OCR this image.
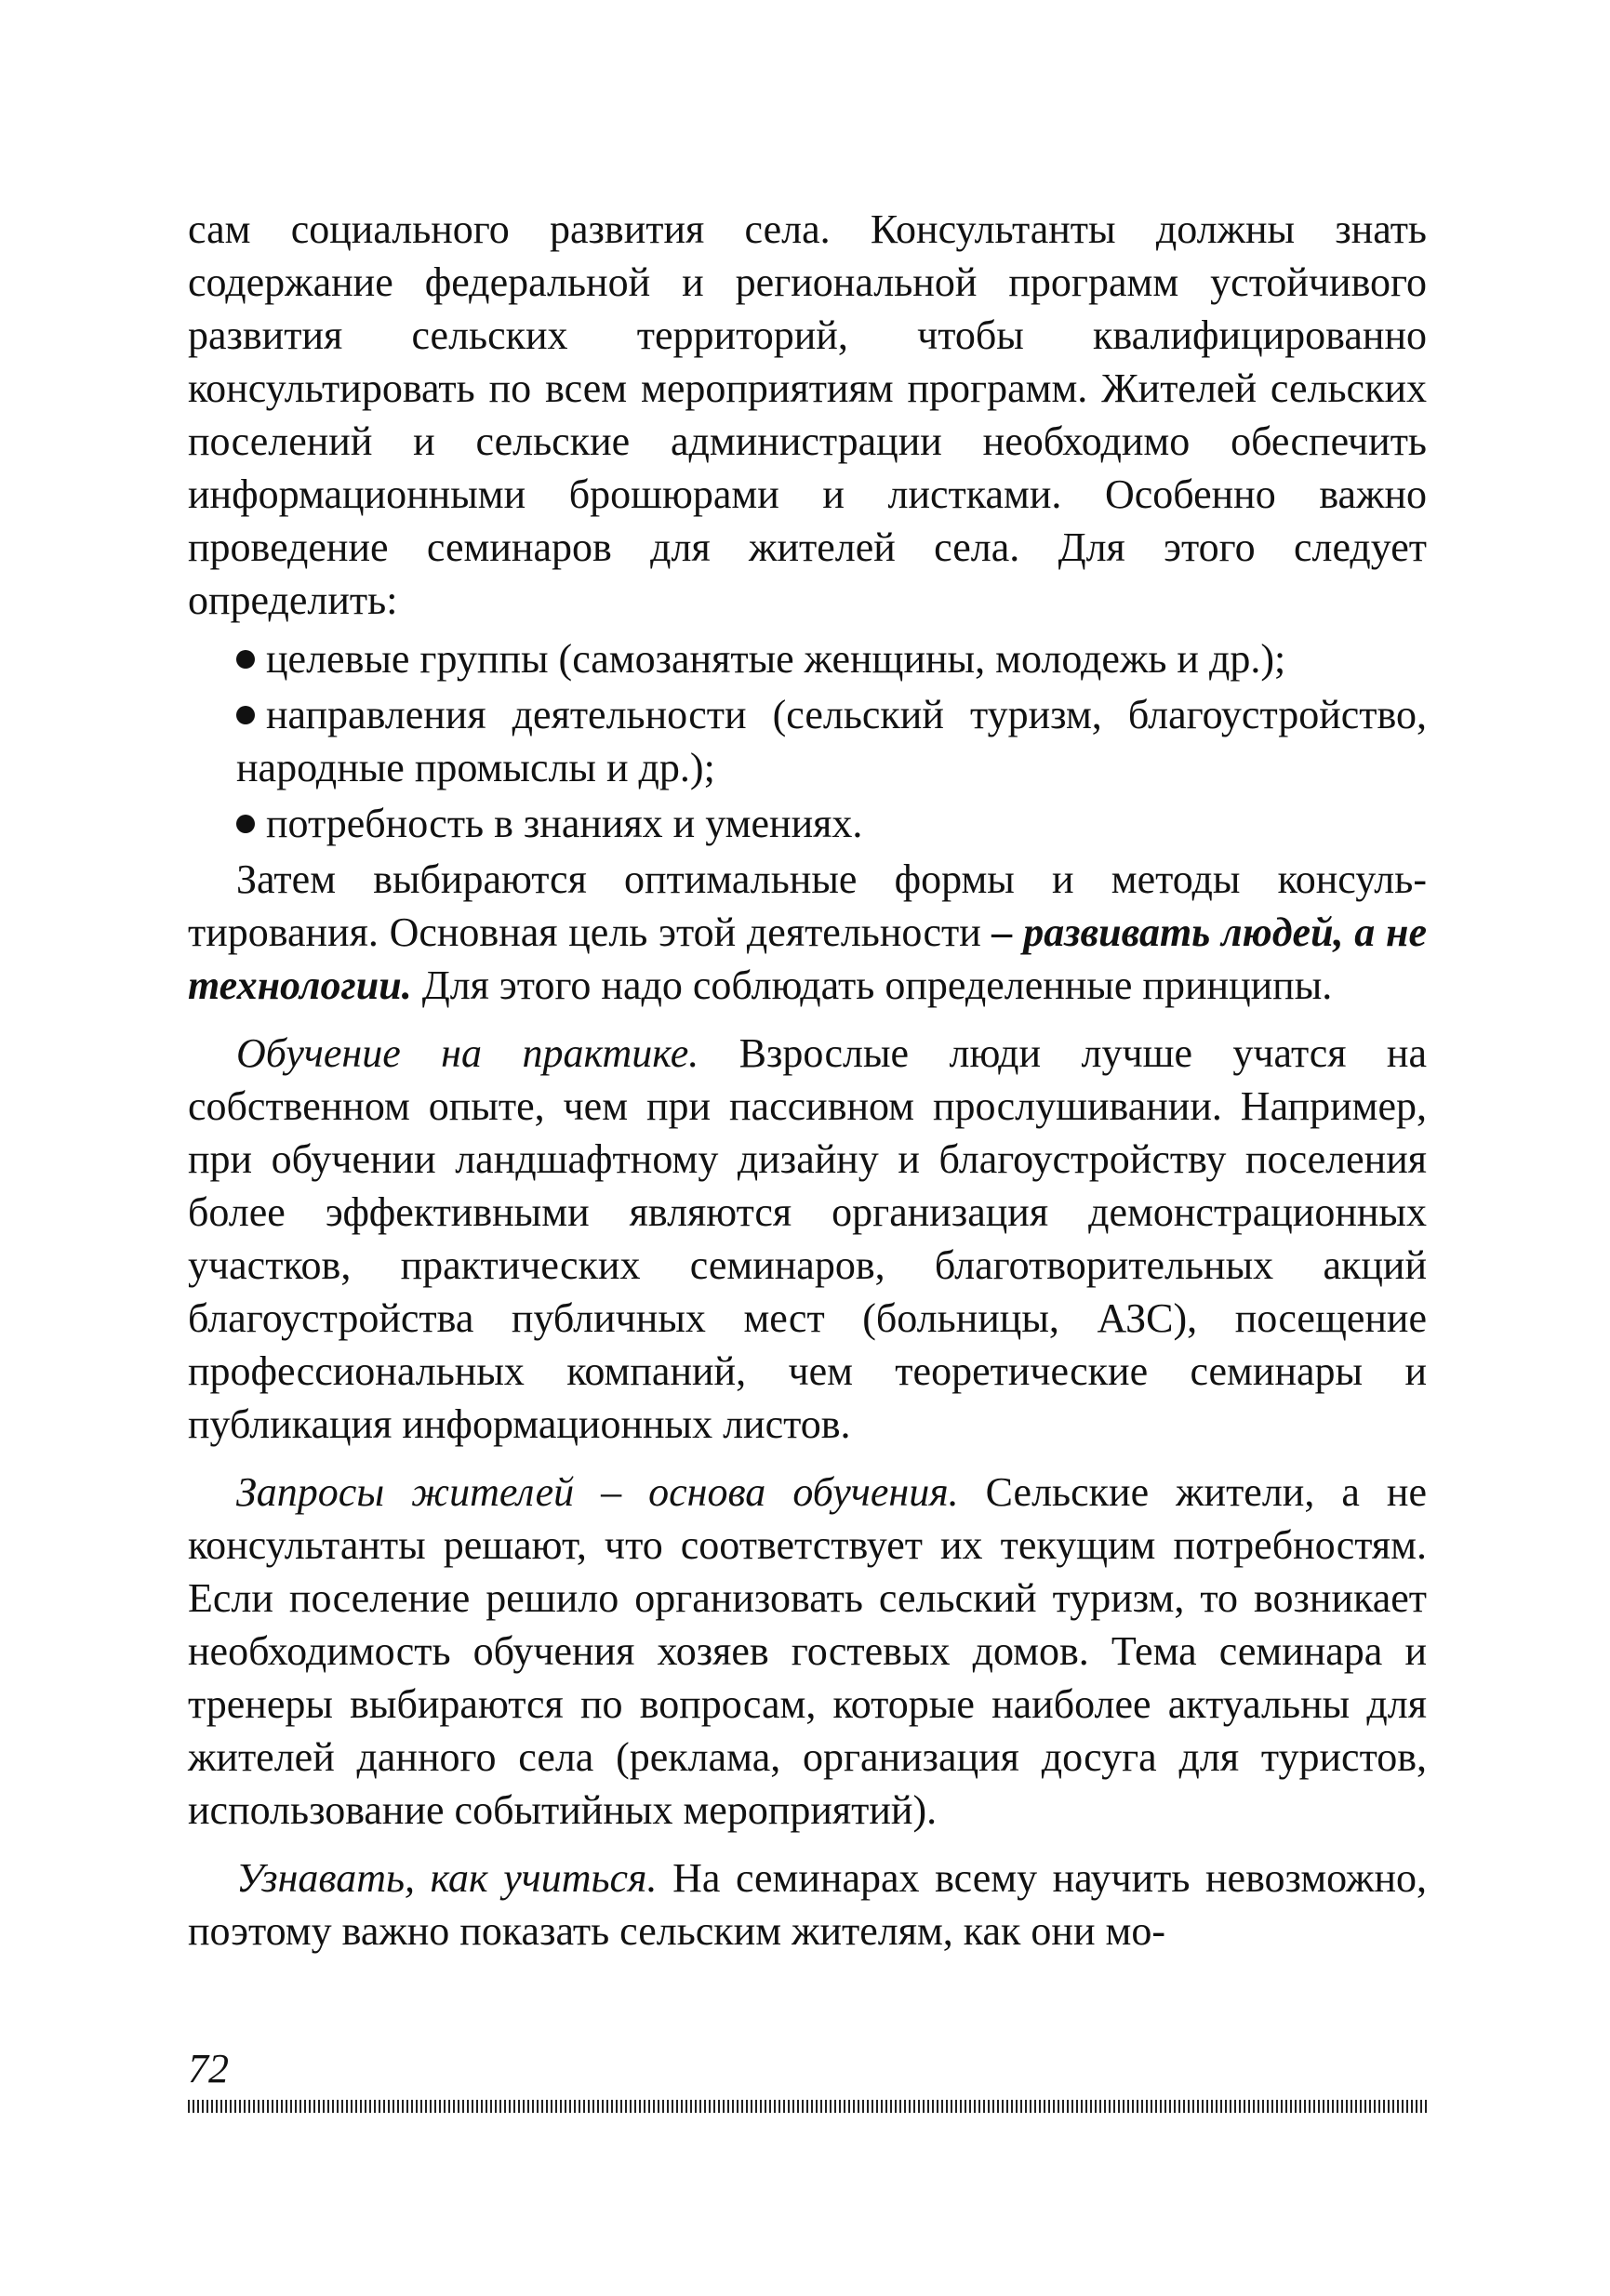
сам социального развития села. Консультанты должны знать содержание федеральной и региональной программ устойчивого развития сельских территорий, чтобы квалифицированно консультировать по всем мероприятиям программ. Жителей сельских поселений и сельские администрации необходимо обеспечить информационными брошюрами и листками. Особенно важно проведение семинаров для жителей села. Для этого следует определить:

целевые группы (самозанятые женщины, молодежь и др.);
направления деятельности (сельский туризм, благоустройство, народные промыслы и др.);
потребность в знаниях и умениях.

Затем выбираются оптимальные формы и методы консультирования. Основная цель этой деятельности – развивать людей, а не технологии. Для этого надо соблюдать определенные принципы.

Обучение на практике. Взрослые люди лучше учатся на собственном опыте, чем при пассивном прослушивании. Например, при обучении ландшафтному дизайну и благоустройству поселения более эффективными являются организация демонстрационных участков, практических семинаров, благотворительных акций благоустройства публичных мест (больницы, АЗС), посещение профессиональных компаний, чем теоретические семинары и публикация информационных листов.

Запросы жителей – основа обучения. Сельские жители, а не консультанты решают, что соответствует их текущим потребностям. Если поселение решило организовать сельский туризм, то возникает необходимость обучения хозяев гостевых домов. Тема семинара и тренеры выбираются по вопросам, которые наиболее актуальны для жителей данного села (реклама, организация досуга для туристов, использование событийных мероприятий).

Узнавать, как учиться. На семинарах всему научить невозможно, поэтому важно показать сельским жителям, как они мо-

72
